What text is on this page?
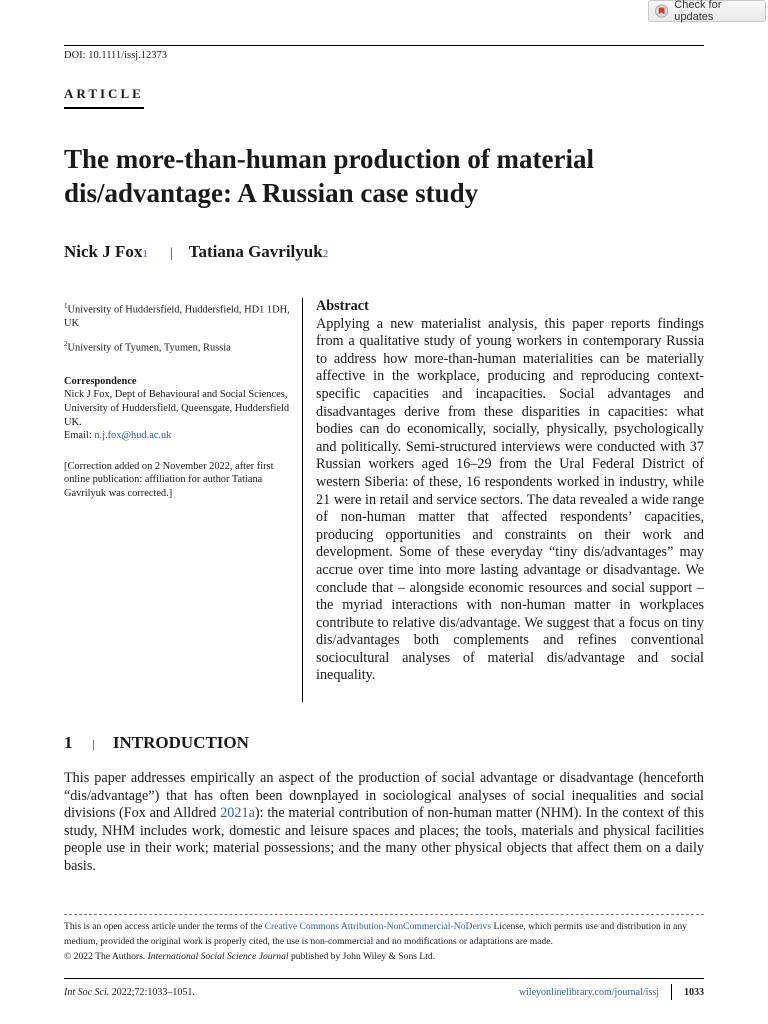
Check for updates
DOI: 10.1111/issj.12373
ARTICLE
The more-than-human production of material
dis/advantage: A Russian case study
Nick J Fox 1 | Tatiana Gavrilyuk 2

$^1$University of Huddersfield, Huddersfield, HD1 1DH, UK

$^2$University of Tyumen, Tyumen, Russia

Correspondence
Nick J Fox, Dept of Behavioural and Social Sciences, University of Huddersfield, Queensgate, Huddersfield UK.
Email: n.j.fox@hud.ac.uk

[Correction added on 2 November 2022, after first online publication: affiliation for author Tatiana Gavrilyuk was corrected.]

Abstract

Applying a new materialist analysis, this paper reports findings from a qualitative study of young workers in contemporary Russia to address how more-than-human materialities can be materially affective in the workplace, producing and reproducing context-specific capacities and incapacities. Social advantages and disadvantages derive from these disparities in capacities: what bodies can do economically, socially, physically, psychologically and politically. Semi-structured interviews were conducted with 37 Russian workers aged 16–29 from the Ural Federal District of western Siberia: of these, 16 respondents worked in industry, while 21 were in retail and service sectors. The data revealed a wide range of non-human matter that affected respondents’ capacities, producing opportunities and constraints on their work and development. Some of these everyday “tiny dis/advantages” may accrue over time into more lasting advantage or disadvantage. We conclude that – alongside economic resources and social support – the myriad interactions with non-human matter in workplaces contribute to relative dis/advantage. We suggest that a focus on tiny dis/advantages both complements and refines conventional sociocultural analyses of material dis/advantage and social inequality.

1 | INTRODUCTION

This paper addresses empirically an aspect of the production of social advantage or disadvantage (henceforth “dis/advantage”) that has often been downplayed in sociological analyses of social inequalities and social divisions (Fox and Alldred 2021a): the material contribution of non-human matter (NHM). In the context of this study, NHM includes work, domestic and leisure spaces and places; the tools, materials and physical facilities people use in their work; material possessions; and the many other physical objects that affect them on a daily basis.

This is an open access article under the terms of the Creative Commons Attribution-NonCommercial-NoDerivs License, which permits use and distribution in any medium, provided the original work is properly cited, the use is non-commercial and no modifications or adaptations are made.

© 2022 The Authors. International Social Science Journal published by John Wiley & Sons Ltd.

Int Soc Sci. 2022;72:1033–1051.	wileyonlinelibrary.com/journal/issj	1033
